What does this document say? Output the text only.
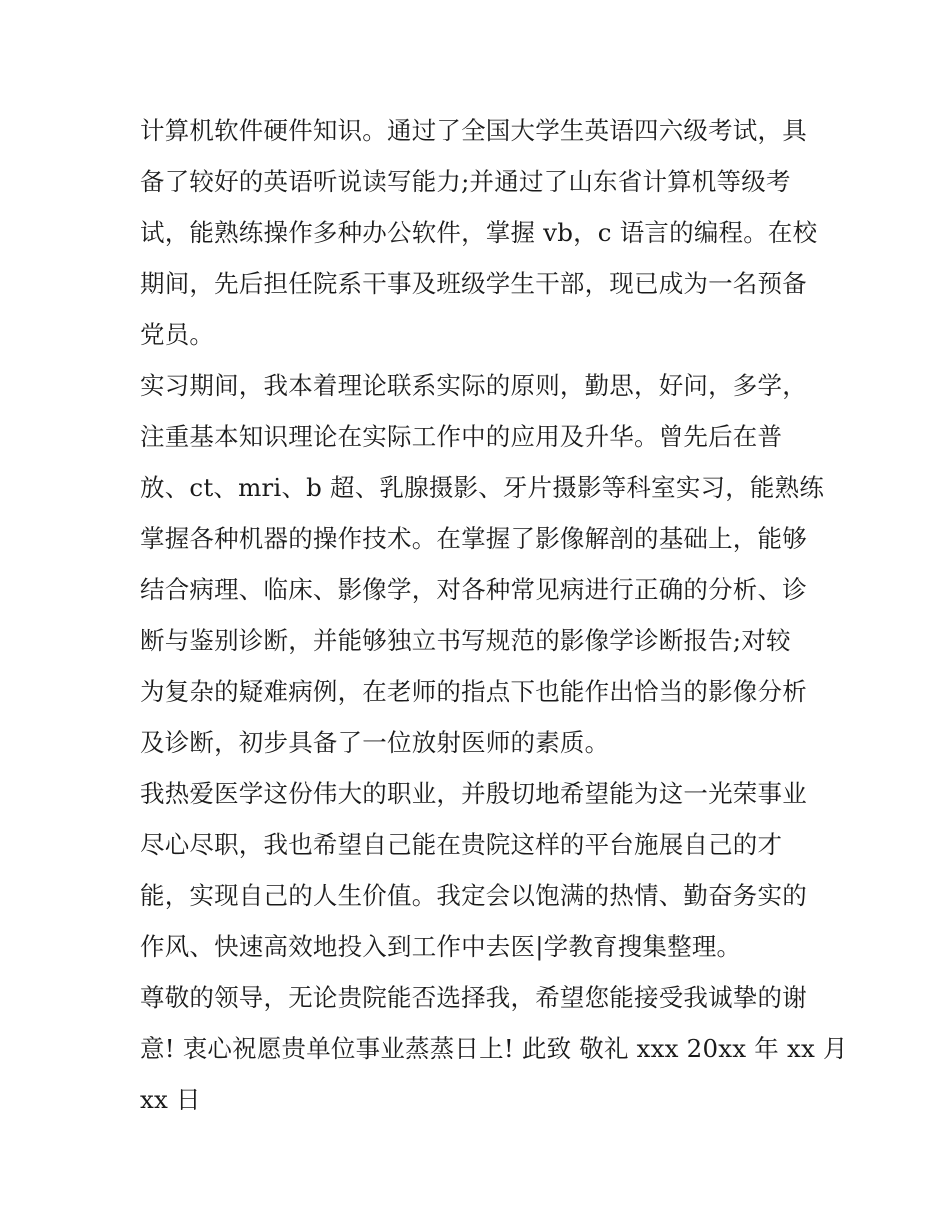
计算机软件硬件知识。通过了全国大学生英语四六级考试，具
备了较好的英语听说读写能力;并通过了山东省计算机等级考
试，能熟练操作多种办公软件，掌握 vb，c 语言的编程。在校
期间，先后担任院系干事及班级学生干部，现已成为一名预备
党员。
实习期间，我本着理论联系实际的原则，勤思，好问，多学，
注重基本知识理论在实际工作中的应用及升华。曾先后在普
放、ct、mri、b 超、乳腺摄影、牙片摄影等科室实习，能熟练
掌握各种机器的操作技术。在掌握了影像解剖的基础上，能够
结合病理、临床、影像学，对各种常见病进行正确的分析、诊
断与鉴别诊断，并能够独立书写规范的影像学诊断报告;对较
为复杂的疑难病例，在老师的指点下也能作出恰当的影像分析
及诊断，初步具备了一位放射医师的素质。
我热爱医学这份伟大的职业，并殷切地希望能为这一光荣事业
尽心尽职，我也希望自己能在贵院这样的平台施展自己的才
能，实现自己的人生价值。我定会以饱满的热情、勤奋务实的
作风、快速高效地投入到工作中去医|学教育搜集整理。
尊敬的领导，无论贵院能否选择我，希望您能接受我诚挚的谢
意! 衷心祝愿贵单位事业蒸蒸日上! 此致 敬礼 xxx 20xx 年 xx 月
xx 日
